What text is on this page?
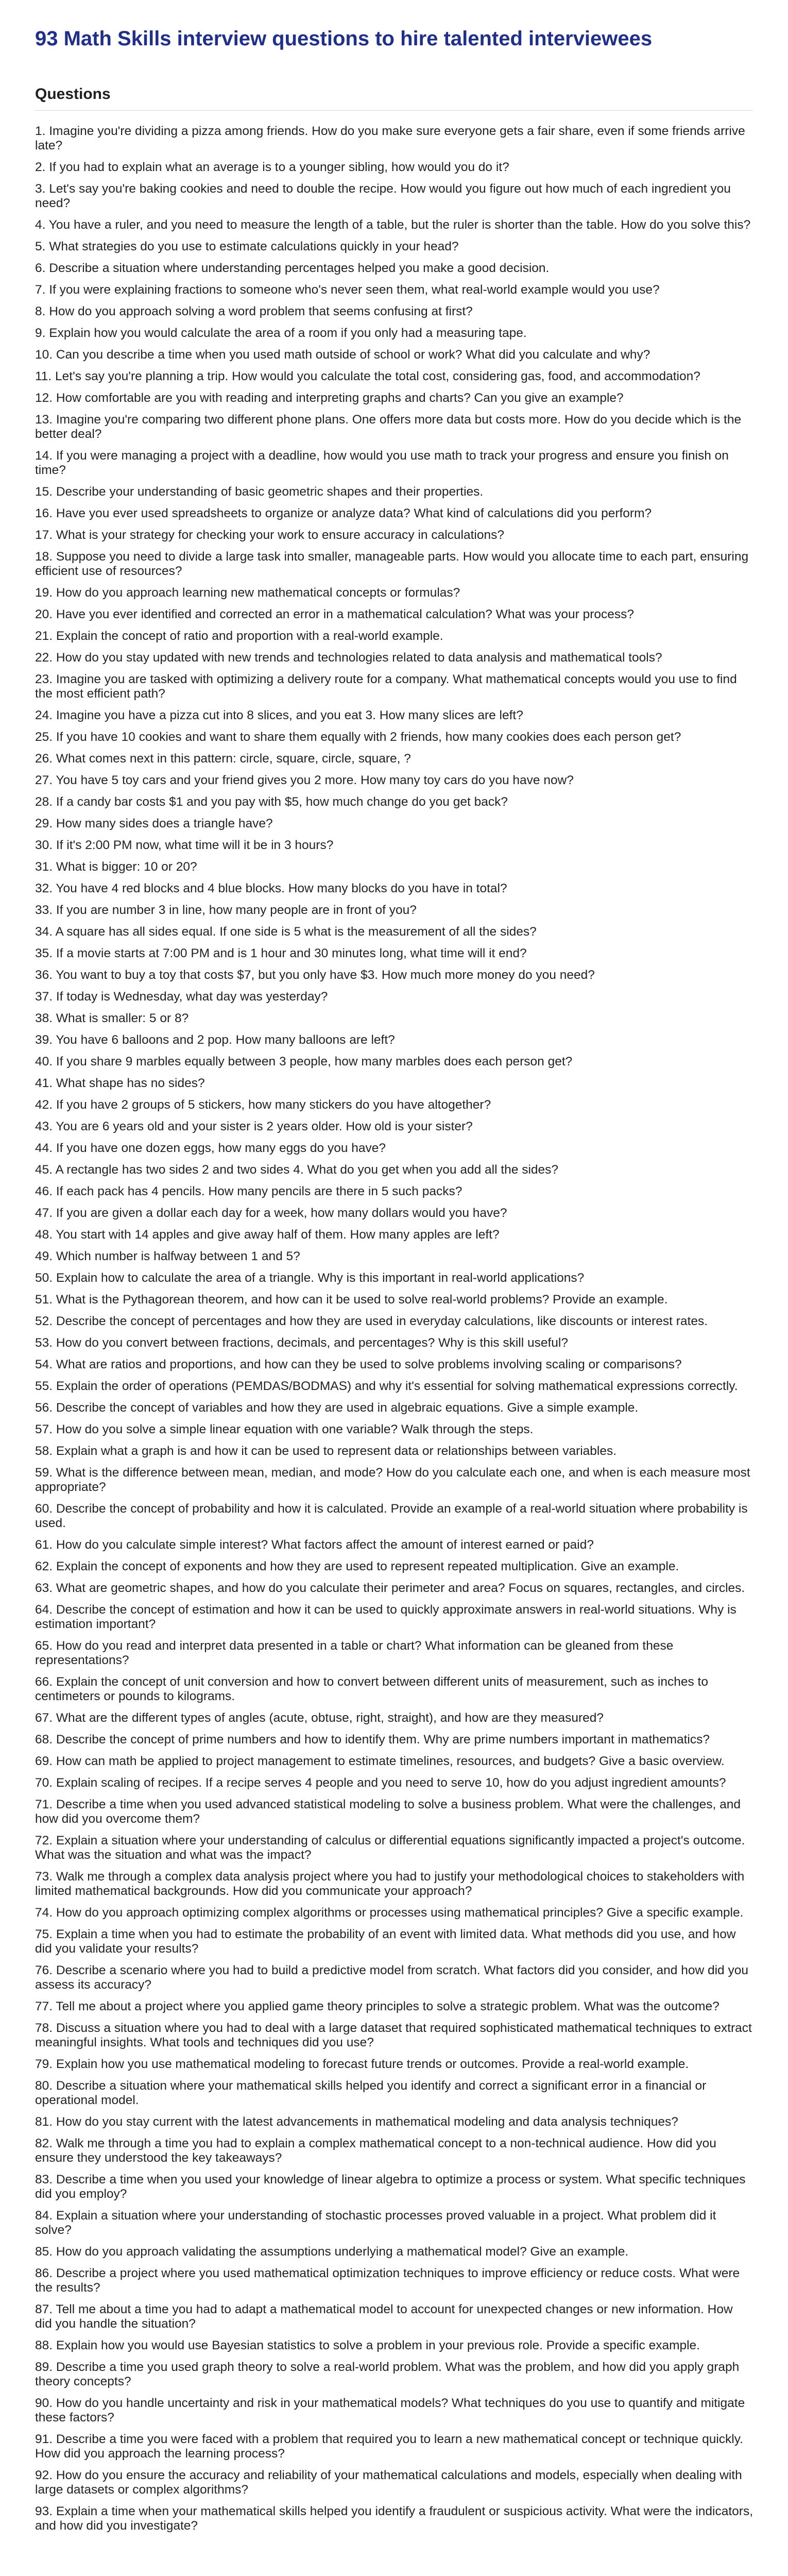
93 Math Skills interview questions to hire talented interviewees
Questions
1. Imagine you're dividing a pizza among friends. How do you make sure everyone gets a fair share, even if some friends arrive late?
2. If you had to explain what an average is to a younger sibling, how would you do it?
3. Let's say you're baking cookies and need to double the recipe. How would you figure out how much of each ingredient you need?
4. You have a ruler, and you need to measure the length of a table, but the ruler is shorter than the table. How do you solve this?
5. What strategies do you use to estimate calculations quickly in your head?
6. Describe a situation where understanding percentages helped you make a good decision.
7. If you were explaining fractions to someone who's never seen them, what real-world example would you use?
8. How do you approach solving a word problem that seems confusing at first?
9. Explain how you would calculate the area of a room if you only had a measuring tape.
10. Can you describe a time when you used math outside of school or work? What did you calculate and why?
11. Let's say you're planning a trip. How would you calculate the total cost, considering gas, food, and accommodation?
12. How comfortable are you with reading and interpreting graphs and charts? Can you give an example?
13. Imagine you're comparing two different phone plans. One offers more data but costs more. How do you decide which is the better deal?
14. If you were managing a project with a deadline, how would you use math to track your progress and ensure you finish on time?
15. Describe your understanding of basic geometric shapes and their properties.
16. Have you ever used spreadsheets to organize or analyze data? What kind of calculations did you perform?
17. What is your strategy for checking your work to ensure accuracy in calculations?
18. Suppose you need to divide a large task into smaller, manageable parts. How would you allocate time to each part, ensuring efficient use of resources?
19. How do you approach learning new mathematical concepts or formulas?
20. Have you ever identified and corrected an error in a mathematical calculation? What was your process?
21. Explain the concept of ratio and proportion with a real-world example.
22. How do you stay updated with new trends and technologies related to data analysis and mathematical tools?
23. Imagine you are tasked with optimizing a delivery route for a company. What mathematical concepts would you use to find the most efficient path?
24. Imagine you have a pizza cut into 8 slices, and you eat 3. How many slices are left?
25. If you have 10 cookies and want to share them equally with 2 friends, how many cookies does each person get?
26. What comes next in this pattern: circle, square, circle, square, ?
27. You have 5 toy cars and your friend gives you 2 more. How many toy cars do you have now?
28. If a candy bar costs $1 and you pay with $5, how much change do you get back?
29. How many sides does a triangle have?
30. If it's 2:00 PM now, what time will it be in 3 hours?
31. What is bigger: 10 or 20?
32. You have 4 red blocks and 4 blue blocks. How many blocks do you have in total?
33. If you are number 3 in line, how many people are in front of you?
34. A square has all sides equal. If one side is 5 what is the measurement of all the sides?
35. If a movie starts at 7:00 PM and is 1 hour and 30 minutes long, what time will it end?
36. You want to buy a toy that costs $7, but you only have $3. How much more money do you need?
37. If today is Wednesday, what day was yesterday?
38. What is smaller: 5 or 8?
39. You have 6 balloons and 2 pop. How many balloons are left?
40. If you share 9 marbles equally between 3 people, how many marbles does each person get?
41. What shape has no sides?
42. If you have 2 groups of 5 stickers, how many stickers do you have altogether?
43. You are 6 years old and your sister is 2 years older. How old is your sister?
44. If you have one dozen eggs, how many eggs do you have?
45. A rectangle has two sides 2 and two sides 4. What do you get when you add all the sides?
46. If each pack has 4 pencils. How many pencils are there in 5 such packs?
47. If you are given a dollar each day for a week, how many dollars would you have?
48. You start with 14 apples and give away half of them. How many apples are left?
49. Which number is halfway between 1 and 5?
50. Explain how to calculate the area of a triangle. Why is this important in real-world applications?
51. What is the Pythagorean theorem, and how can it be used to solve real-world problems? Provide an example.
52. Describe the concept of percentages and how they are used in everyday calculations, like discounts or interest rates.
53. How do you convert between fractions, decimals, and percentages? Why is this skill useful?
54. What are ratios and proportions, and how can they be used to solve problems involving scaling or comparisons?
55. Explain the order of operations (PEMDAS/BODMAS) and why it's essential for solving mathematical expressions correctly.
56. Describe the concept of variables and how they are used in algebraic equations. Give a simple example.
57. How do you solve a simple linear equation with one variable? Walk through the steps.
58. Explain what a graph is and how it can be used to represent data or relationships between variables.
59. What is the difference between mean, median, and mode? How do you calculate each one, and when is each measure most appropriate?
60. Describe the concept of probability and how it is calculated. Provide an example of a real-world situation where probability is used.
61. How do you calculate simple interest? What factors affect the amount of interest earned or paid?
62. Explain the concept of exponents and how they are used to represent repeated multiplication. Give an example.
63. What are geometric shapes, and how do you calculate their perimeter and area? Focus on squares, rectangles, and circles.
64. Describe the concept of estimation and how it can be used to quickly approximate answers in real-world situations. Why is estimation important?
65. How do you read and interpret data presented in a table or chart? What information can be gleaned from these representations?
66. Explain the concept of unit conversion and how to convert between different units of measurement, such as inches to centimeters or pounds to kilograms.
67. What are the different types of angles (acute, obtuse, right, straight), and how are they measured?
68. Describe the concept of prime numbers and how to identify them. Why are prime numbers important in mathematics?
69. How can math be applied to project management to estimate timelines, resources, and budgets? Give a basic overview.
70. Explain scaling of recipes. If a recipe serves 4 people and you need to serve 10, how do you adjust ingredient amounts?
71. Describe a time when you used advanced statistical modeling to solve a business problem. What were the challenges, and how did you overcome them?
72. Explain a situation where your understanding of calculus or differential equations significantly impacted a project's outcome. What was the situation and what was the impact?
73. Walk me through a complex data analysis project where you had to justify your methodological choices to stakeholders with limited mathematical backgrounds. How did you communicate your approach?
74. How do you approach optimizing complex algorithms or processes using mathematical principles? Give a specific example.
75. Explain a time when you had to estimate the probability of an event with limited data. What methods did you use, and how did you validate your results?
76. Describe a scenario where you had to build a predictive model from scratch. What factors did you consider, and how did you assess its accuracy?
77. Tell me about a project where you applied game theory principles to solve a strategic problem. What was the outcome?
78. Discuss a situation where you had to deal with a large dataset that required sophisticated mathematical techniques to extract meaningful insights. What tools and techniques did you use?
79. Explain how you use mathematical modeling to forecast future trends or outcomes. Provide a real-world example.
80. Describe a situation where your mathematical skills helped you identify and correct a significant error in a financial or operational model.
81. How do you stay current with the latest advancements in mathematical modeling and data analysis techniques?
82. Walk me through a time you had to explain a complex mathematical concept to a non-technical audience. How did you ensure they understood the key takeaways?
83. Describe a time when you used your knowledge of linear algebra to optimize a process or system. What specific techniques did you employ?
84. Explain a situation where your understanding of stochastic processes proved valuable in a project. What problem did it solve?
85. How do you approach validating the assumptions underlying a mathematical model? Give an example.
86. Describe a project where you used mathematical optimization techniques to improve efficiency or reduce costs. What were the results?
87. Tell me about a time you had to adapt a mathematical model to account for unexpected changes or new information. How did you handle the situation?
88. Explain how you would use Bayesian statistics to solve a problem in your previous role. Provide a specific example.
89. Describe a time you used graph theory to solve a real-world problem. What was the problem, and how did you apply graph theory concepts?
90. How do you handle uncertainty and risk in your mathematical models? What techniques do you use to quantify and mitigate these factors?
91. Describe a time you were faced with a problem that required you to learn a new mathematical concept or technique quickly. How did you approach the learning process?
92. How do you ensure the accuracy and reliability of your mathematical calculations and models, especially when dealing with large datasets or complex algorithms?
93. Explain a time when your mathematical skills helped you identify a fraudulent or suspicious activity. What were the indicators, and how did you investigate?
